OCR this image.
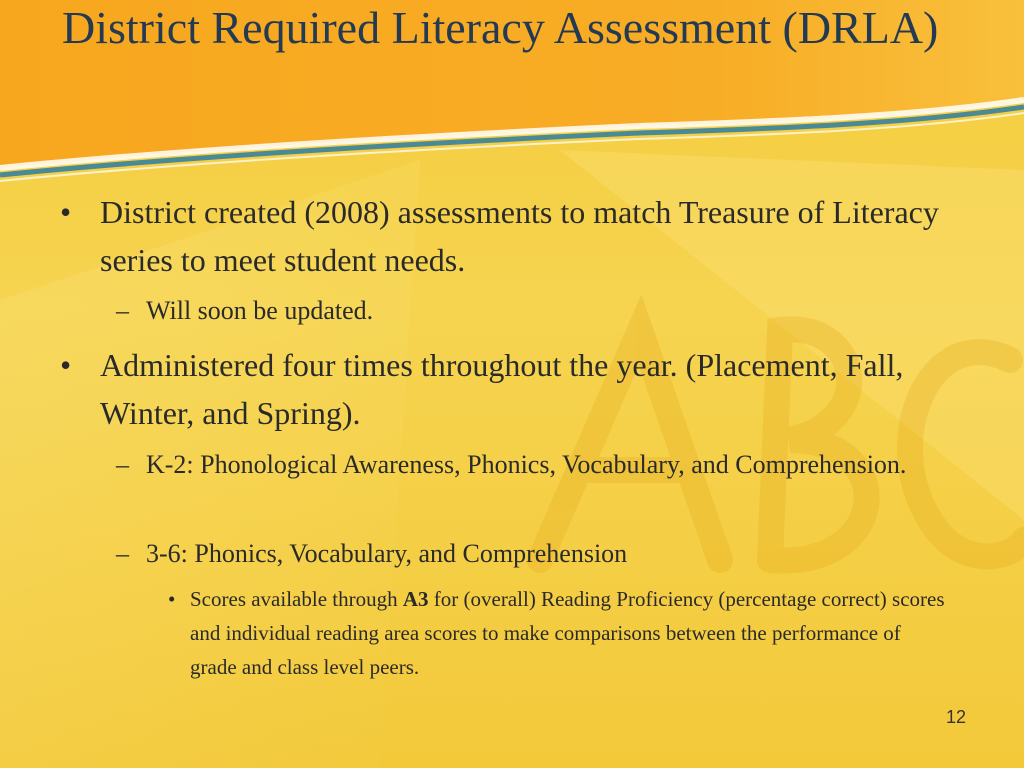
District Required Literacy Assessment (DRLA)

• District created (2008) assessments to match Treasure of Literacy series to meet student needs.

– Will soon be updated.

• Administered four times throughout the year. (Placement, Fall, Winter, and Spring).

– K-2: Phonological Awareness, Phonics, Vocabulary, and Comprehension.

– 3-6: Phonics, Vocabulary, and Comprehension

• Scores available through A3 for (overall) Reading Proficiency (percentage correct) scores and individual reading area scores to make comparisons between the performance of grade and class level peers.

12
